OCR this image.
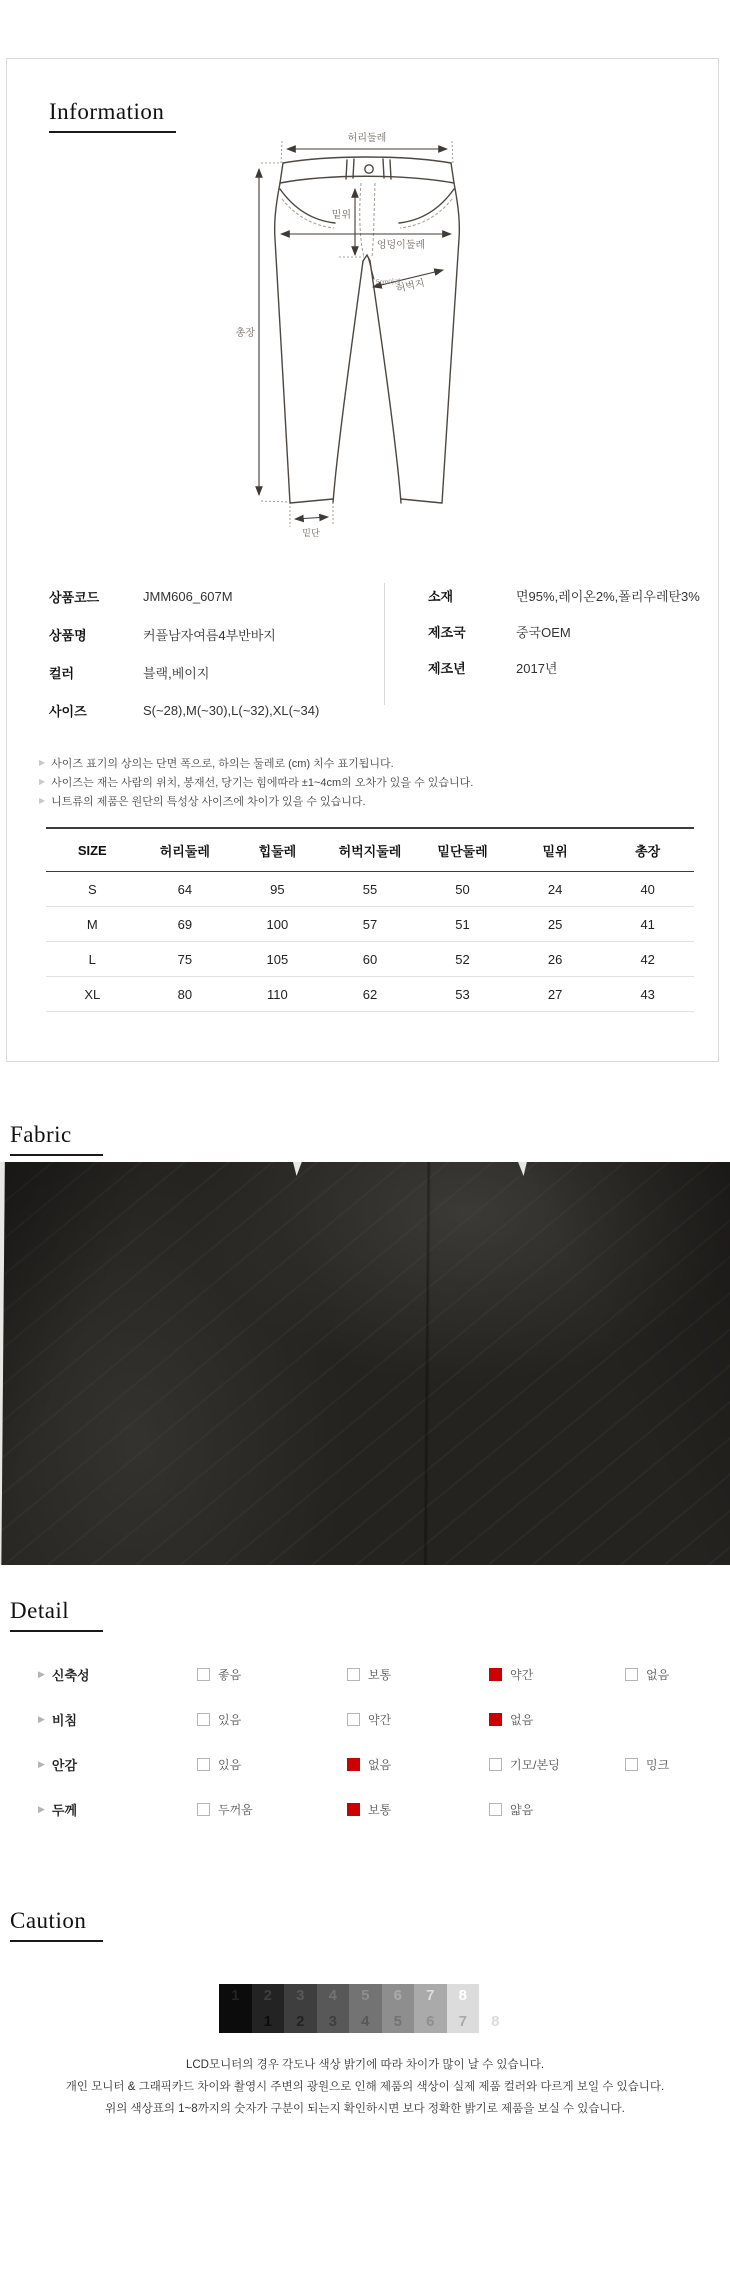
Information
허리둘레
총장
밑위
엉덩이둘레
5cm아래
허벅지
밑단
상품코드	JMM606_607M
상품명	커플남자여름4부반바지
컬러	블랙,베이지
사이즈	S(~28),M(~30),L(~32),XL(~34)
소재	면95%,레이온2%,폴리우레탄3%
제조국	중국OEM
제조년	2017년
▶ 사이즈 표기의 상의는 단면 폭으로, 하의는 둘레로 (cm) 치수 표기됩니다.
▶ 사이즈는 재는 사람의 위치, 봉재선, 당기는 힘에따라 ±1~4cm의 오차가 있을 수 있습니다.
▶ 니트류의 제품은 원단의 특성상 사이즈에 차이가 있을 수 있습니다.
SIZE	허리둘레	힙둘레	허벅지둘레	밑단둘레	밑위	총장
S	64	95	55	50	24	40
M	69	100	57	51	25	41
L	75	105	60	52	26	42
XL	80	110	62	53	27	43
Fabric
Detail
▶ 신축성	좋음	보통	약간	없음
▶ 비침	있음	약간	없음
▶ 안감	있음	없음	기모/본딩	밍크
▶ 두께	두꺼움	보통	얇음
Caution
1	2
1
3
2
4
3
5
4
6
5
7
6
8
7	8
LCD모니터의 경우 각도나 색상 밝기에 따라 차이가 많이 날 수 있습니다.
개인 모니터 & 그래픽카드 차이와 촬영시 주변의 광원으로 인해 제품의 색상이 실제 제품 컬러와 다르게 보일 수 있습니다.
위의 색상표의 1~8까지의 숫자가 구분이 되는지 확인하시면 보다 정확한 밝기로 제품을 보실 수 있습니다.
